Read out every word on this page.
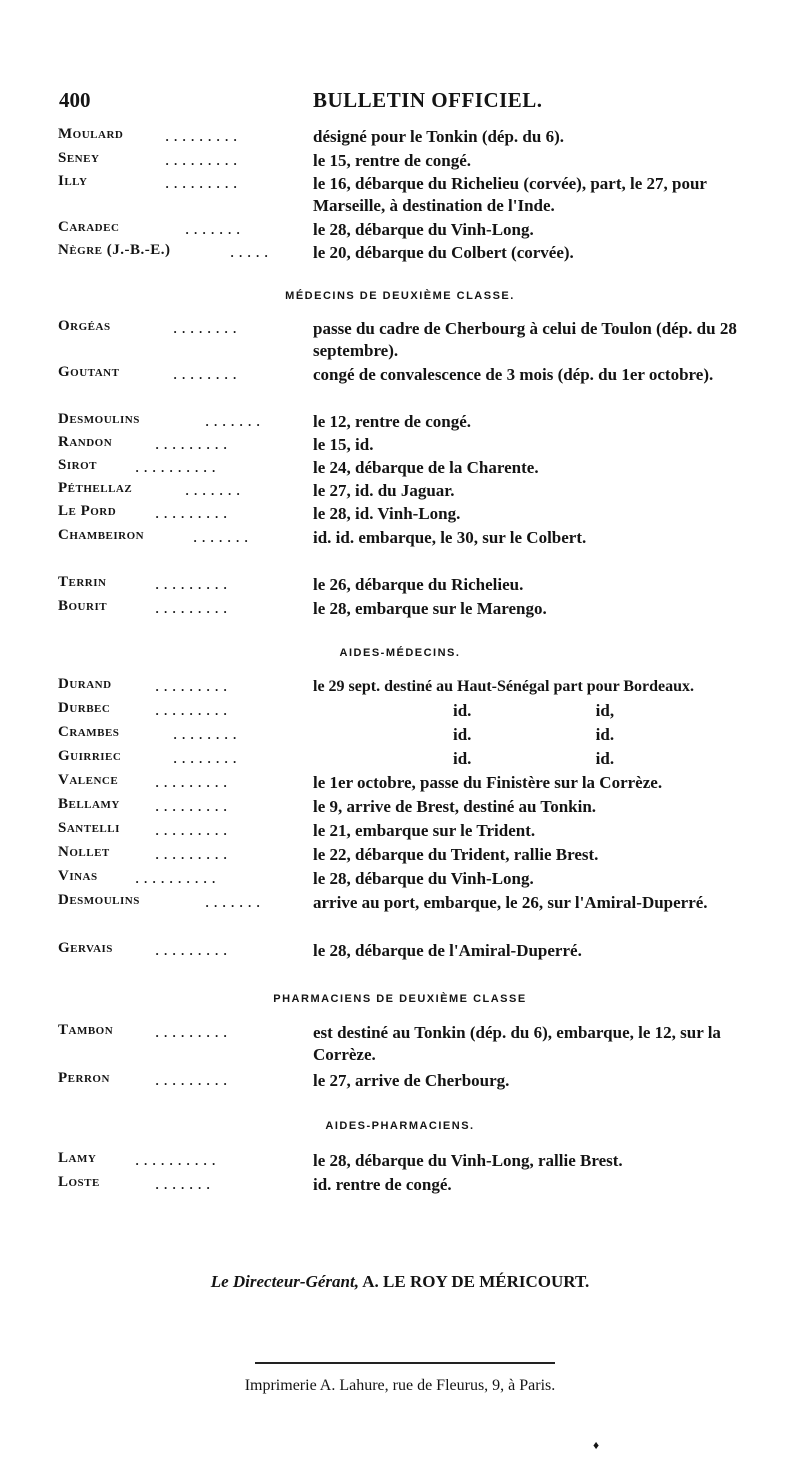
400	BULLETIN OFFICIEL.
Moulard . . . . . . . . .	désigné pour le Tonkin (dép. du 6).
Seney	. . . . . . . . .	le 15, rentre de congé.
Illy	. . . . . . . . .	le 16, débarque du Richelieu (corvée), part, le 27, pour Marseille, à destination de l'Inde.
Caradec	. . . . . . .	le 28, débarque du Vinh-Long.
Nègre (J.-B.-E.)	. . . . .	le 20, débarque du Colbert (corvée).
MÉDECINS DE DEUXIÈME CLASSE.
Orgéas	. . . . . . . .	passe du cadre de Cherbourg à celui de Toulon (dép. du 28 septembre).
Goutant	. . . . . . . .	congé de convalescence de 3 mois (dép. du 1er octobre).
Desmoulins	. . . . . . .	le 12, rentre de congé.
Randon	. . . . . . . . .	le 15, id.
Sirot . . . . . . . . . .	le 24, débarque de la Charente.
Péthellaz	. . . . . . .	le 27, id. du Jaguar.
Le Pord . . . . . . . . .	le 28, id. Vinh-Long.
Chambeiron	. . . . . . .	id. id. embarque, le 30, sur le Colbert.
Terrin	. . . . . . . . .	le 26, débarque du Richelieu.
Bourit	. . . . . . . . .	le 28, embarque sur le Marengo.
AIDES-MÉDECINS.
Durand	. . . . . . . . .	le 29 sept. destiné au Haut-Sénégal part pour Bordeaux.
Durbec	. . . . . . . . .	id. id,
Crambes	. . . . . . . .	id. id.
Guirriec	. . . . . . . .	id. id.
Valence . . . . . . . . .	le 1er octobre, passe du Finistère sur la Corrèze.
Bellamy . . . . . . . . .	le 9, arrive de Brest, destiné au Tonkin.
Santelli . . . . . . . . .	le 21, embarque sur le Trident.
Nollet	. . . . . . . . .	le 22, débarque du Trident, rallie Brest.
Vinas . . . . . . . . . .	le 28, débarque du Vinh-Long.
Desmoulins	. . . . . . .	arrive au port, embarque, le 26, sur l'Amiral-Duperré.
Gervais . . . . . . . . .	le 28, débarque de l'Amiral-Duperré.
PHARMACIENS DE DEUXIÈME CLASSE
Tambon . . . . . . . . .	est destiné au Tonkin (dép. du 6), embarque, le 12, sur la Corrèze.
Perron	. . . . . . . . .	le 27, arrive de Cherbourg.
AIDES-PHARMACIENS.
Lamy . . . . . . . . . .	le 28, débarque du Vinh-Long, rallie Brest.
Loste	. . . . . . .	id. rentre de congé.
Le Directeur-Gérant, A. LE ROY DE MÉRICOURT.
Imprimerie A. Lahure, rue de Fleurus, 9, à Paris.
♦
